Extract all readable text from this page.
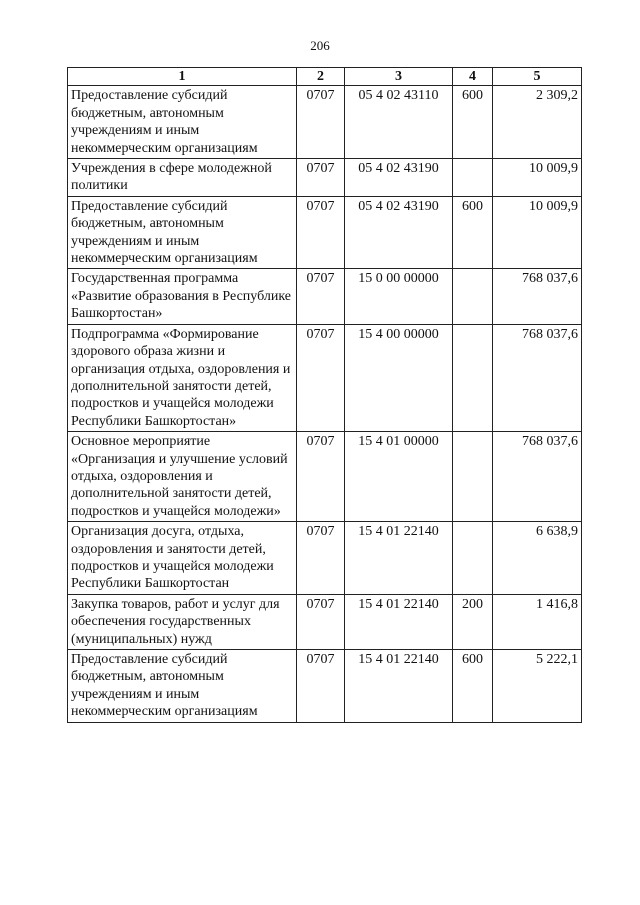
206
1	2	3	4	5
Предоставление субсидий бюджетным, автономным учреждениям и иным некоммерческим организациям	0707	05 4 02 43110	600	2 309,2
Учреждения в сфере молодежной политики	0707	05 4 02 43190		10 009,9
Предоставление субсидий бюджетным, автономным учреждениям и иным некоммерческим организациям	0707	05 4 02 43190	600	10 009,9
Государственная программа «Развитие образования в Республике Башкортостан»	0707	15 0 00 00000		768 037,6
Подпрограмма «Формирование здорового образа жизни и организация отдыха, оздоровления и дополнительной занятости детей, подростков и учащейся молодежи Республики Башкортостан»	0707	15 4 00 00000		768 037,6
Основное мероприятие «Организация и улучшение условий отдыха, оздоровления и дополнительной занятости детей, подростков и учащейся молодежи»	0707	15 4 01 00000		768 037,6
Организация досуга, отдыха, оздоровления и занятости детей, подростков и учащейся молодежи Республики Башкортостан	0707	15 4 01 22140		6 638,9
Закупка товаров, работ и услуг для обеспечения государственных (муниципальных) нужд	0707	15 4 01 22140	200	1 416,8
Предоставление субсидий бюджетным, автономным учреждениям и иным некоммерческим организациям	0707	15 4 01 22140	600	5 222,1
